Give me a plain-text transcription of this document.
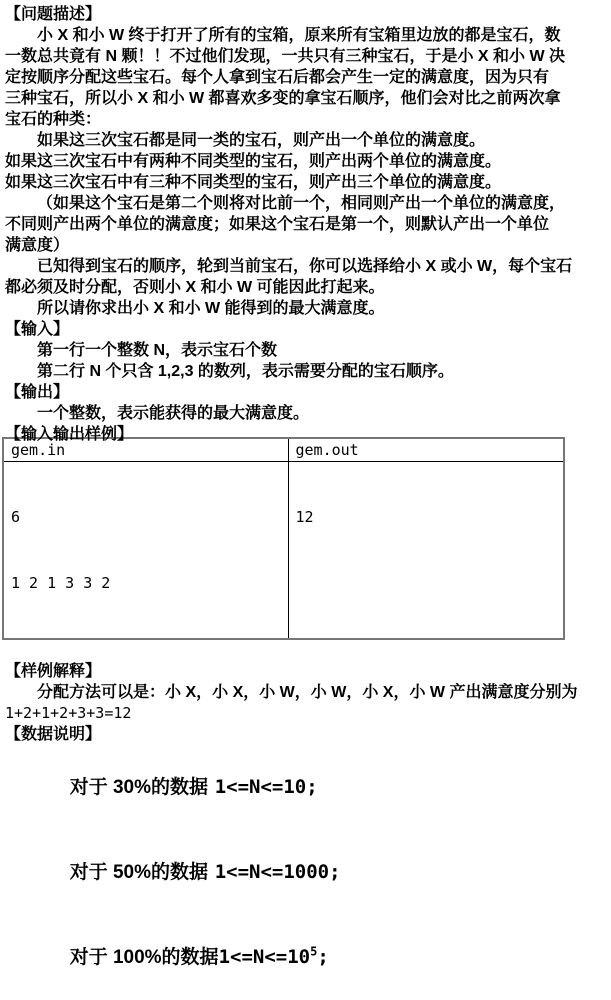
【问题描述】
小 X 和小 W 终于打开了所有的宝箱，原来所有宝箱里边放的都是宝石，数
一数总共竟有 N 颗！！不过他们发现，一共只有三种宝石，于是小 X 和小 W 决
定按顺序分配这些宝石。每个人拿到宝石后都会产生一定的满意度，因为只有
三种宝石，所以小 X 和小 W 都喜欢多变的拿宝石顺序，他们会对比之前两次拿
宝石的种类：
如果这三次宝石都是同一类的宝石，则产出一个单位的满意度。
如果这三次宝石中有两种不同类型的宝石，则产出两个单位的满意度。
如果这三次宝石中有三种不同类型的宝石，则产出三个单位的满意度。
（如果这个宝石是第二个则将对比前一个，相同则产出一个单位的满意度，
不同则产出两个单位的满意度；如果这个宝石是第一个，则默认产出一个单位
满意度）
已知得到宝石的顺序，轮到当前宝石，你可以选择给小 X 或小 W，每个宝石
都必须及时分配，否则小 X 和小 W 可能因此打起来。
所以请你求出小 X 和小 W 能得到的最大满意度。
【输入】
第一行一个整数 N，表示宝石个数
第二行 N 个只含 1,2,3 的数列，表示需要分配的宝石顺序。
【输出】
一个整数，表示能获得的最大满意度。
【输入输出样例】
gem.in	gem.out

6

1 2 1 3 3 2	12

【样例解释】
分配方法可以是：小 X，小 X，小 W，小 W，小 X，小 W 产出满意度分别为
1+2+1+2+3+3=12
【数据说明】

对于 30%的数据 1<=N<=10;

对于 50%的数据 1<=N<=1000;

对于 100%的数据$1<=N<=10^5$;
